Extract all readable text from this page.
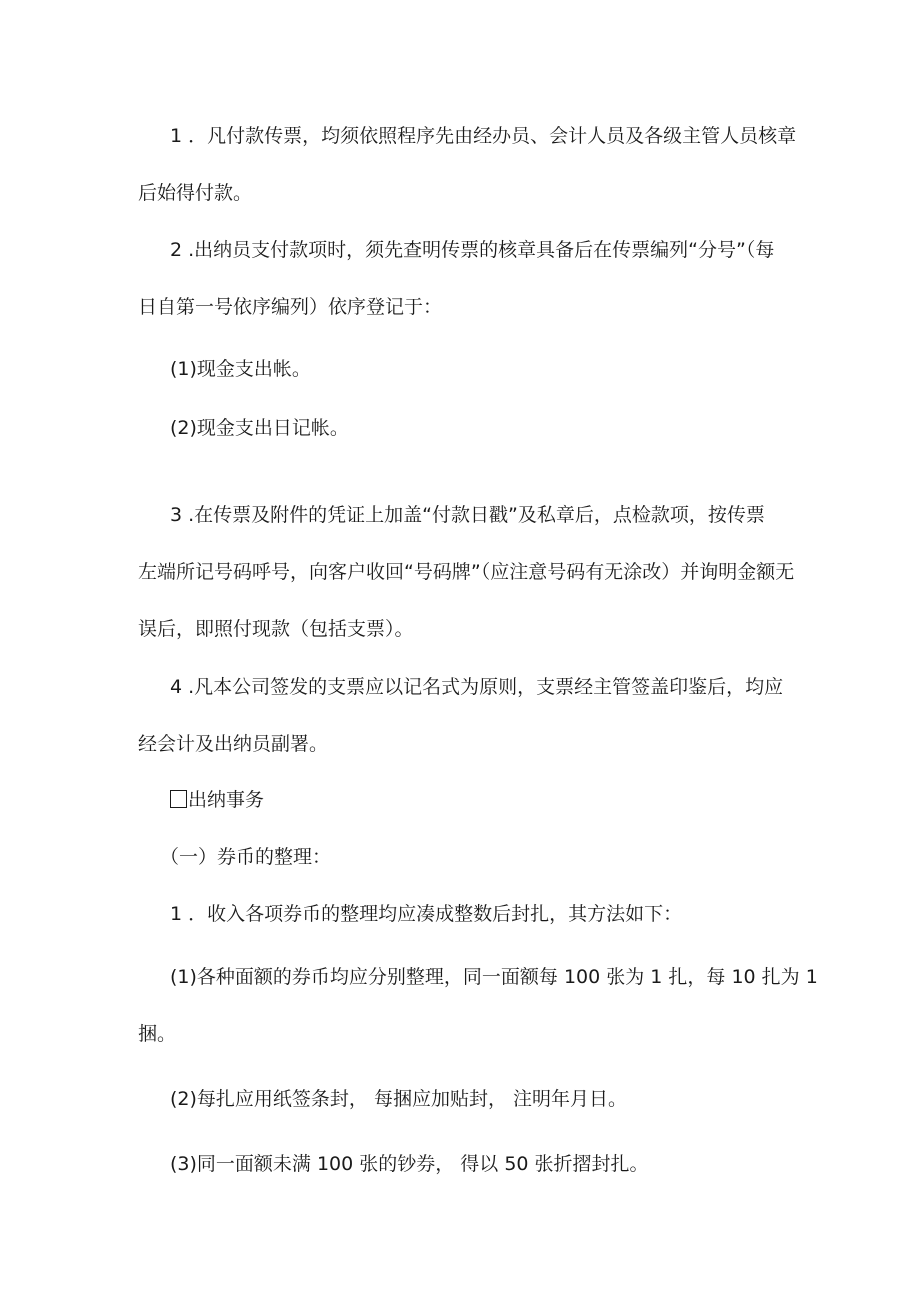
1 ．凡付款传票，均须依照程序先由经办员、会计人员及各级主管人员核章
后始得付款。
2 .出纳员支付款项时，须先查明传票的核章具备后在传票编列“分号”（每
日自第一号依序编列）依序登记于：
(1)现金支出帐。
(2)现金支出日记帐。
3 .在传票及附件的凭证上加盖“付款日戳”及私章后，点检款项，按传票
左端所记号码呼号，向客户收回“号码牌”（应注意号码有无涂改）并询明金额无
误后，即照付现款（包括支票）。
4 .凡本公司签发的支票应以记名式为原则，支票经主管签盖印鉴后，均应
经会计及出纳员副署。
出纳事务
（一）券币的整理：
1 ．收入各项券币的整理均应凑成整数后封扎，其方法如下：
(1)各种面额的券币均应分别整理，同一面额每 100 张为 1 扎，每 10 扎为 1
捆。
(2)每扎应用纸签条封， 每捆应加贴封， 注明年月日。
(3)同一面额未满 100 张的钞券， 得以 50 张折摺封扎。
